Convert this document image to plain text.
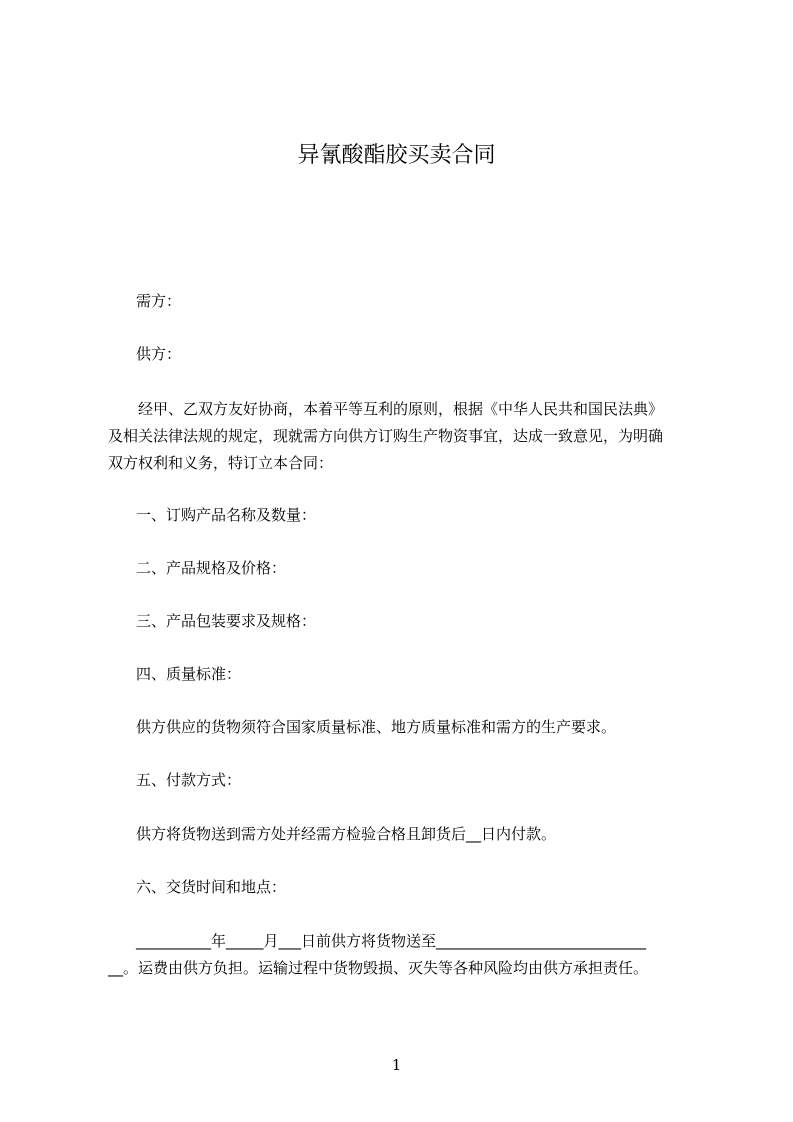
异氰酸酯胶买卖合同
需方：
供方：
　　经甲、乙双方友好协商，本着平等互利的原则，根据《中华人民共和国民法典》
及相关法律法规的规定，现就需方向供方订购生产物资事宜，达成一致意见，为明确
双方权利和义务，特订立本合同：
一、订购产品名称及数量：
二、产品规格及价格：
三、产品包装要求及规格：
四、质量标准：
供方供应的货物须符合国家质量标准、地方质量标准和需方的生产要求。
五、付款方式：
供方将货物送到需方处并经需方检验合格且卸货后__日内付款。
六、交货时间和地点：
__________年_____月___日前供方将货物送至____________________________
__。运费由供方负担。运输过程中货物毁损、灭失等各种风险均由供方承担责任。
1
